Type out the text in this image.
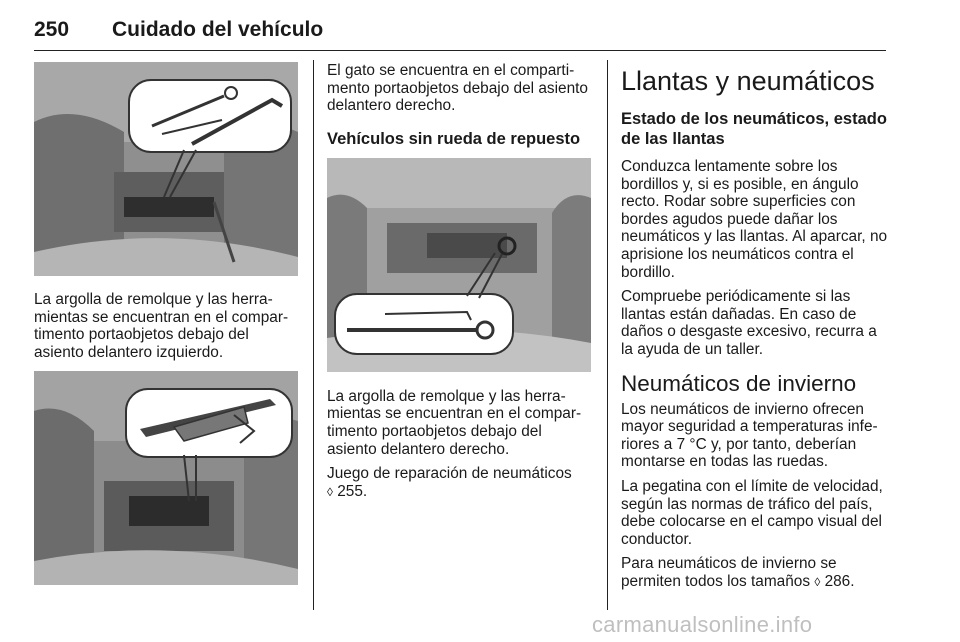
250 Cuidado del vehículo

La argolla de remolque y las herramientas se encuentran en el compartimento portaobjetos debajo del asiento delantero izquierdo.

El gato se encuentra en el compartimento portaobjetos debajo del asiento delantero derecho.

Vehículos sin rueda de repuesto

La argolla de remolque y las herramientas se encuentran en el compartimento portaobjetos debajo del asiento delantero derecho.

Juego de reparación de neumáticos
◊ 255.

Llantas y neumáticos
Estado de los neumáticos, estado de las llantas

Conduzca lentamente sobre los bordillos y, si es posible, en ángulo recto. Rodar sobre superficies con bordes agudos puede dañar los neumáticos y las llantas. Al aparcar, no aprisione los neumáticos contra el bordillo.

Compruebe periódicamente si las llantas están dañadas. En caso de daños o desgaste excesivo, recurra a la ayuda de un taller.

Neumáticos de invierno

Los neumáticos de invierno ofrecen mayor seguridad a temperaturas inferiores a 7 °C y, por tanto, deberían montarse en todas las ruedas.

La pegatina con el límite de velocidad, según las normas de tráfico del país, debe colocarse en el campo visual del conductor.

Para neumáticos de invierno se permiten todos los tamaños ◊ 286.

carmanualsonline.info
